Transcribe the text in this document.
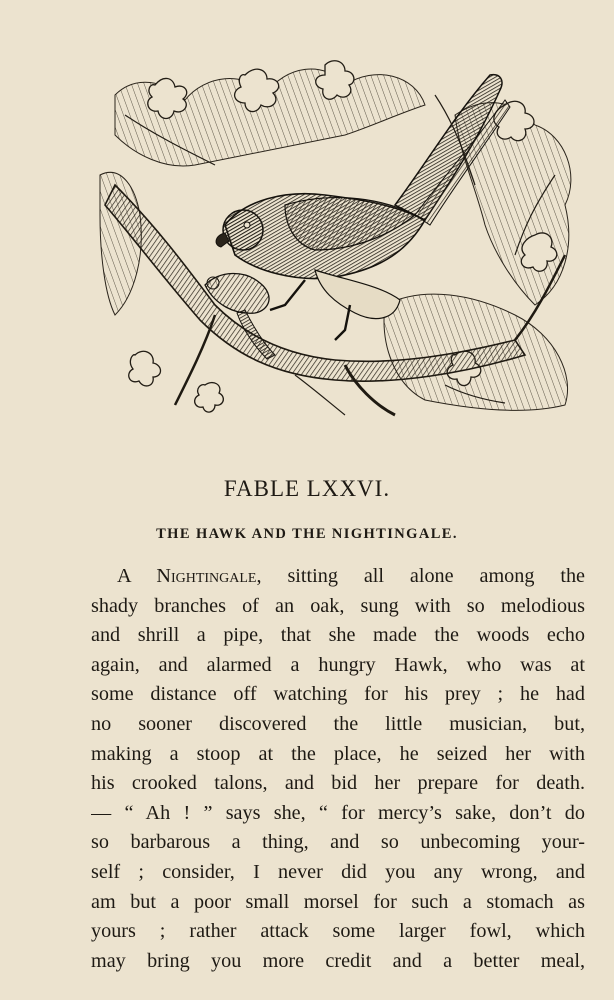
FABLE LXXVI.
THE HAWK AND THE NIGHTINGALE.
A Nightingale, sitting all alone among the
shady branches of an oak, sung with so melodious
and shrill a pipe, that she made the woods echo
again, and alarmed a hungry Hawk, who was at
some distance off watching for his prey ; he had
no sooner discovered the little musician, but,
making a stoop at the place, he seized her with
his crooked talons, and bid her prepare for death.
— “ Ah ! ” says she, “ for mercy’s sake, don’t do
so barbarous a thing, and so unbecoming your-
self ; consider, I never did you any wrong, and
am but a poor small morsel for such a stomach as
yours ; rather attack some larger fowl, which
may bring you more credit and a better meal,
